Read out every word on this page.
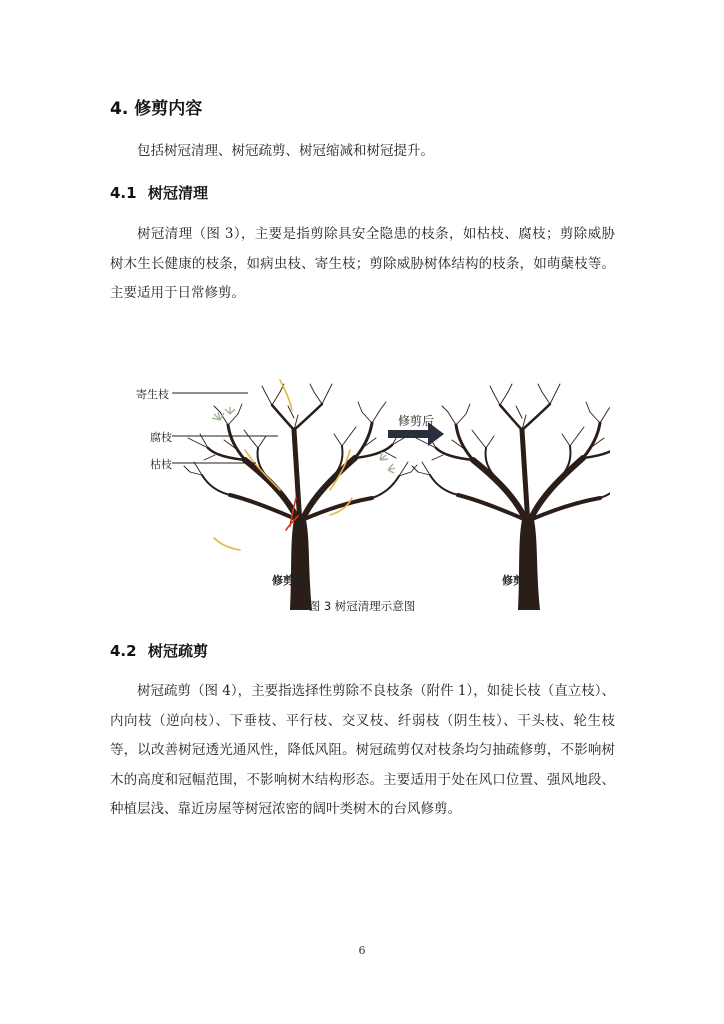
4. 修剪内容

包括树冠清理、树冠疏剪、树冠缩减和树冠提升。

4.1 树冠清理

树冠清理（图 3），主要是指剪除具安全隐患的枝条，如枯枝、腐枝；剪除威胁树木生长健康的枝条，如病虫枝、寄生枝；剪除威胁树体结构的枝条，如萌蘖枝等。主要适用于日常修剪。

寄生枝
腐枝
枯枝
修剪后
修剪前	修剪后
图 3 树冠清理示意图
4.2 树冠疏剪

树冠疏剪（图 4），主要指选择性剪除不良枝条（附件 1），如徒长枝（直立枝）、内向枝（逆向枝）、下垂枝、平行枝、交叉枝、纤弱枝（阴生枝）、干头枝、轮生枝等，以改善树冠透光通风性，降低风阻。树冠疏剪仅对枝条均匀抽疏修剪，不影响树木的高度和冠幅范围，不影响树木结构形态。主要适用于处在风口位置、强风地段、种植层浅、靠近房屋等树冠浓密的阔叶类树木的台风修剪。

6
